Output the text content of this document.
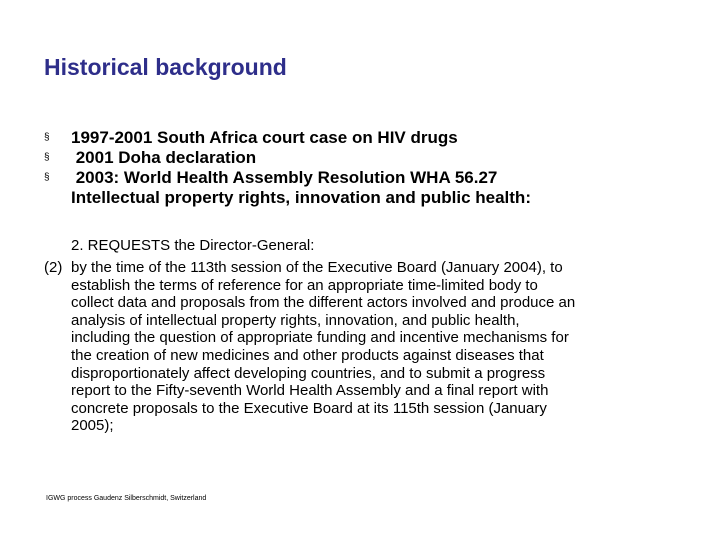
Historical background
§ 1997-2001 South Africa court case on HIV drugs
§ 2001 Doha declaration
§ 2003: World Health Assembly Resolution WHA 56.27
Intellectual property rights, innovation and public health:
2. REQUESTS the Director-General:
(2) by the time of the 113th session of the Executive Board (January 2004), to
establish the terms of reference for an appropriate time-limited body to
collect data and proposals from the different actors involved and produce an
analysis of intellectual property rights, innovation, and public health,
including the question of appropriate funding and incentive mechanisms for
the creation of new medicines and other products against diseases that
disproportionately affect developing countries, and to submit a progress
report to the Fifty-seventh World Health Assembly and a final report with
concrete proposals to the Executive Board at its 115th session (January
2005);
IGWG process Gaudenz Silberschmidt, Switzerland
